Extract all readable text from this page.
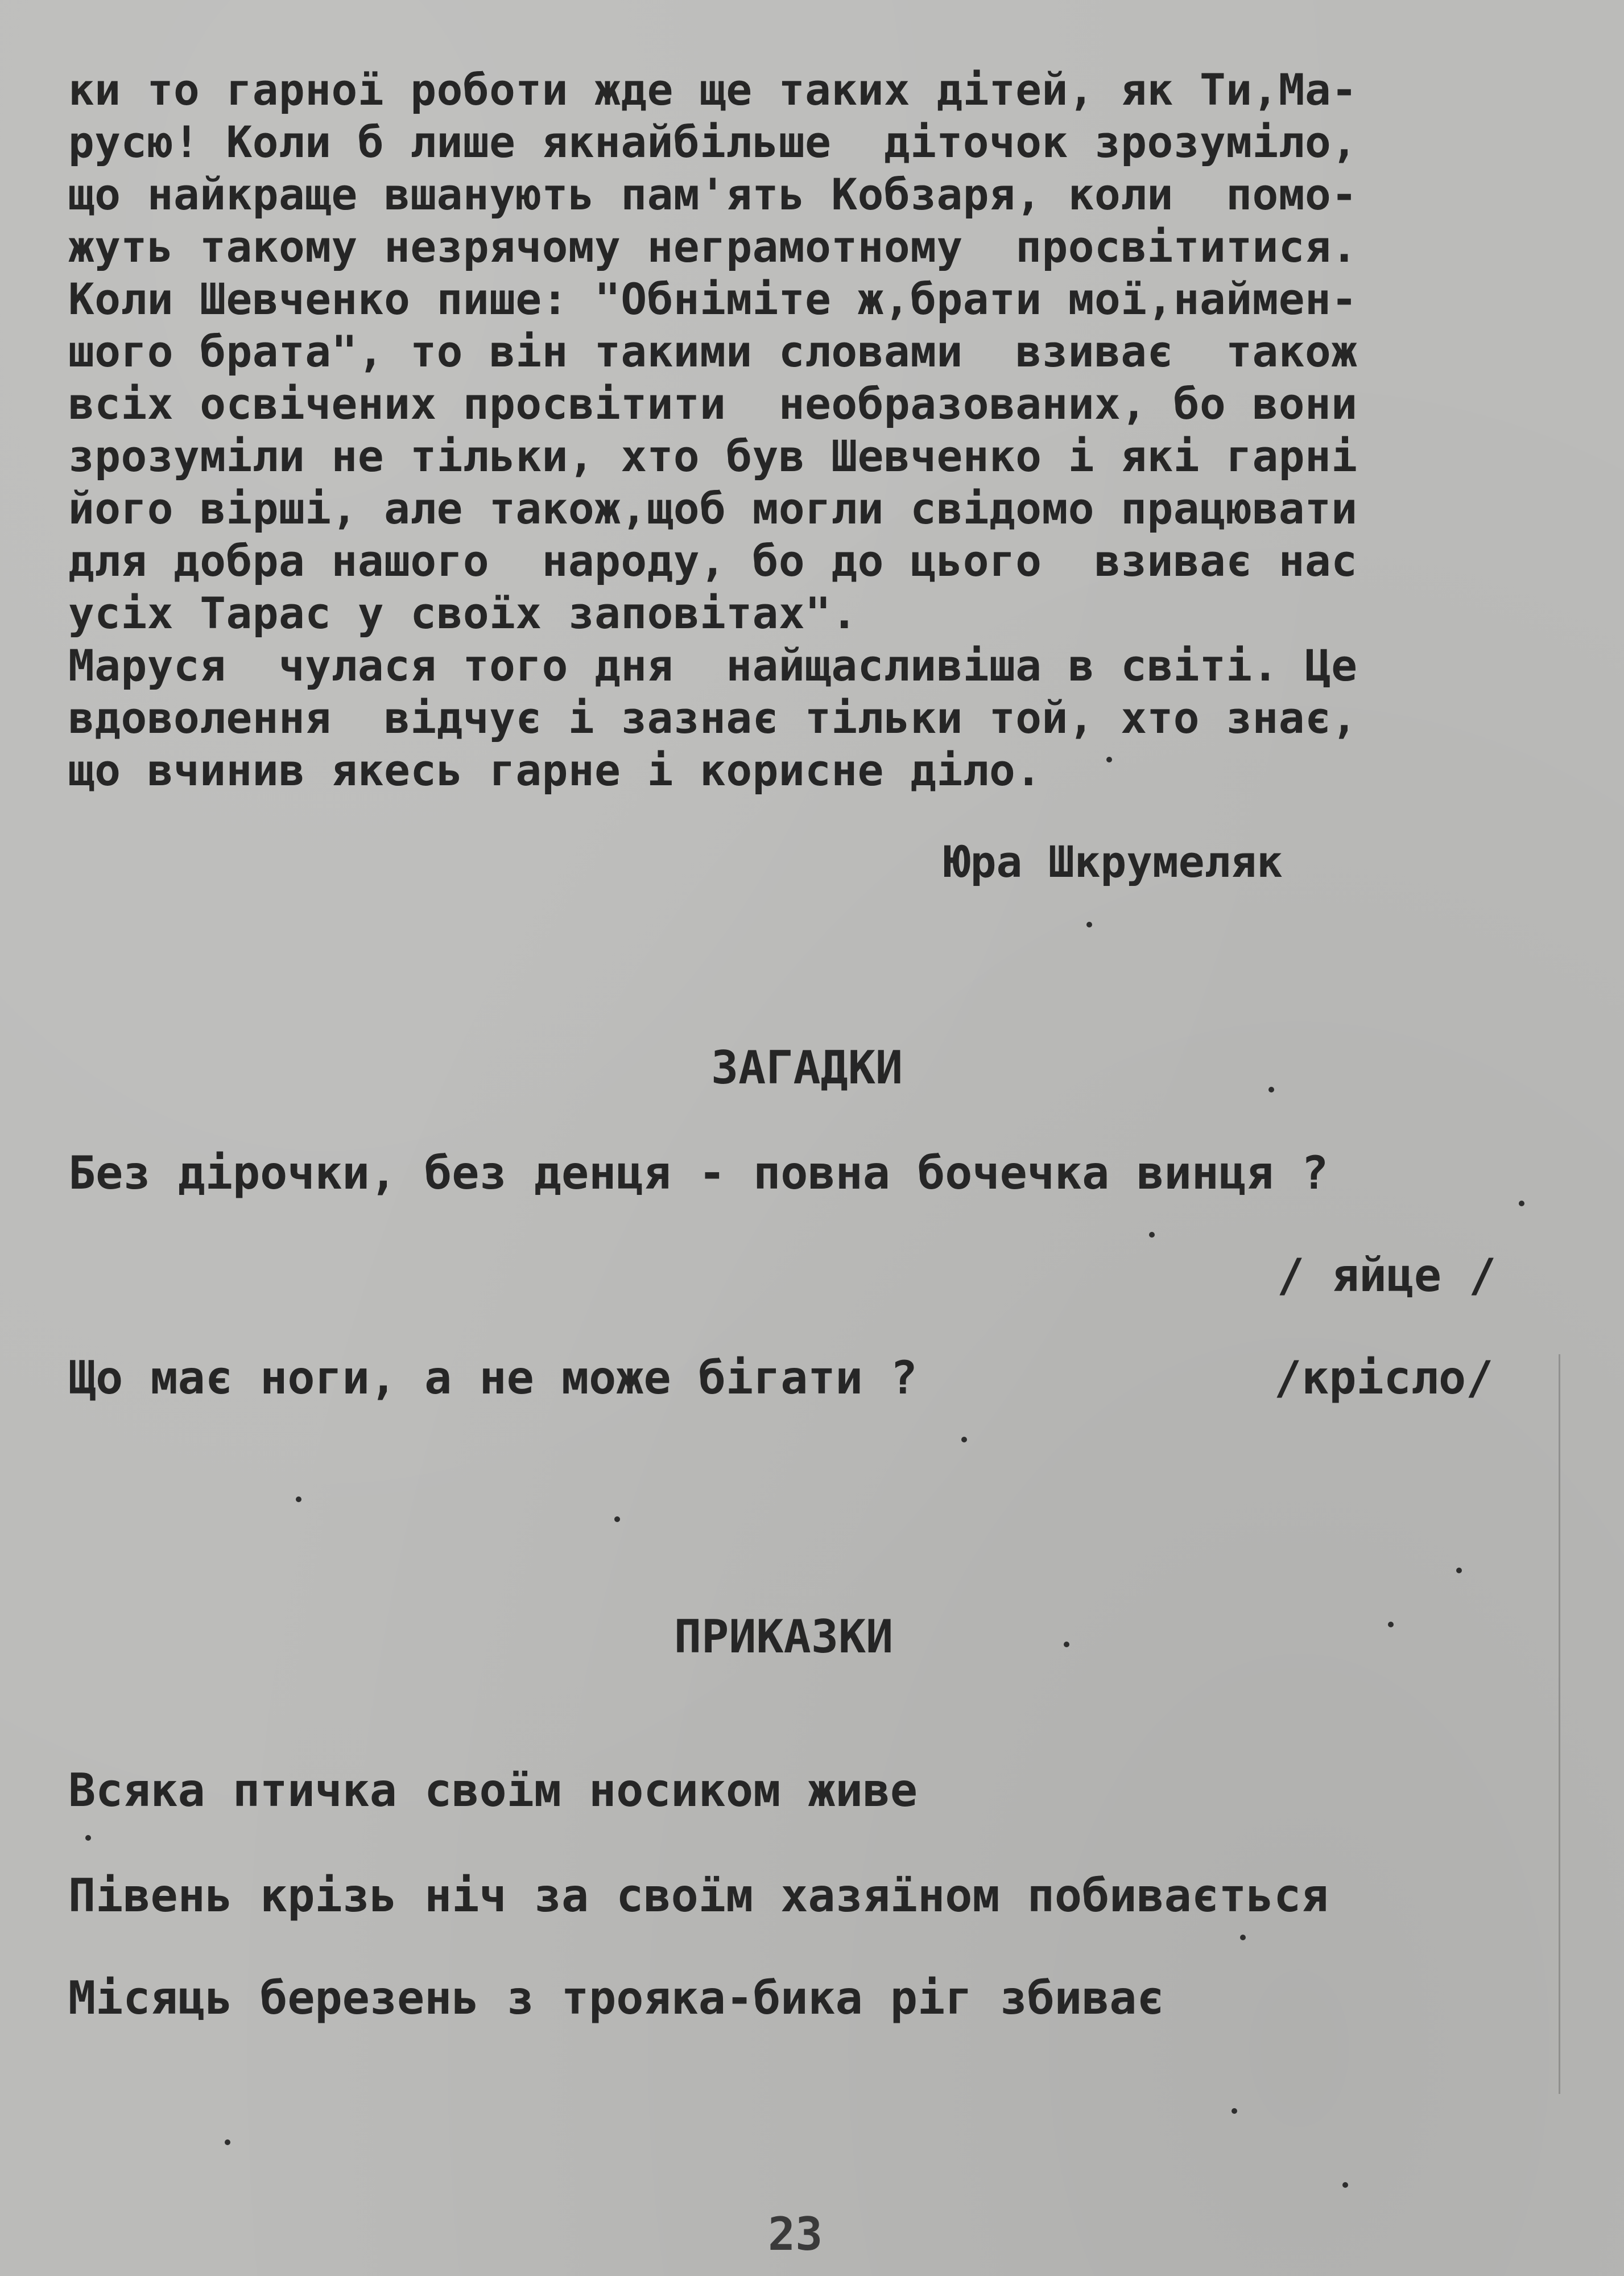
ки то гарної роботи жде ще таких дітей, як Ти,Ма-
русю! Коли б лише якнайбільше  діточок зрозуміло,
що найкраще вшанують пам'ять Кобзаря, коли  помо-
жуть такому незрячому неграмотному  просвітитися.
Коли Шевченко пише: "Обніміте ж,брати мої,наймен-
шого брата", то він такими словами  взиває  також
всіх освічених просвітити  необразованих, бо вони
зрозуміли не тільки, хто був Шевченко і які гарні
його вірші, але також,щоб могли свідомо працювати
для добра нашого  народу, бо до цього  взиває нас
усіх Тарас у своїх заповітах".
Маруся  чулася того дня  найщасливіша в світі. Це
вдоволення  відчує і зазнає тільки той, хто знає,
що вчинив якесь гарне і корисне діло.
Юра Шкрумеляк
ЗАГАДКИ
Без дірочки, без денця - повна бочечка винця ?
/ яйце /
Що має ноги, а не може бігати ?	/крісло/
ПРИКАЗКИ
Всяка птичка своїм носиком живе
Півень крізь ніч за своїм хазяїном побивається
Місяць березень з трояка-бика ріг збиває
23
